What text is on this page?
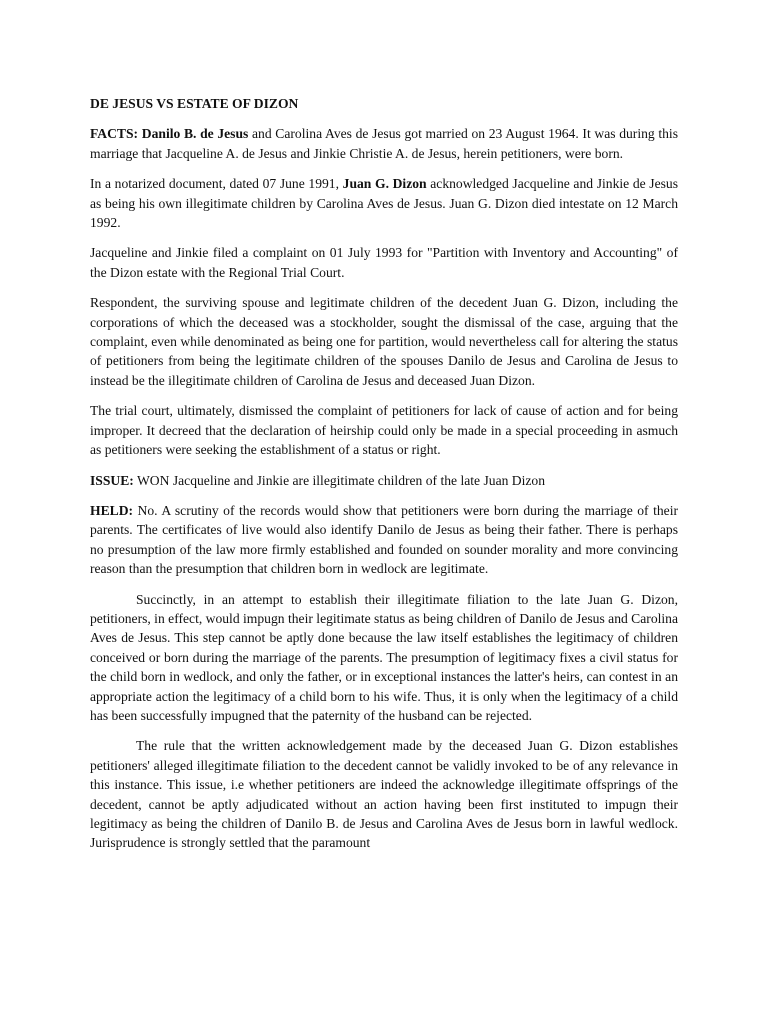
DE JESUS VS ESTATE OF DIZON

FACTS: Danilo B. de Jesus and Carolina Aves de Jesus got married on 23 August 1964. It was during this marriage that Jacqueline A. de Jesus and Jinkie Christie A. de Jesus, herein petitioners, were born.

In a notarized document, dated 07 June 1991, Juan G. Dizon acknowledged Jacqueline and Jinkie de Jesus as being his own illegitimate children by Carolina Aves de Jesus. Juan G. Dizon died intestate on 12 March 1992.

Jacqueline and Jinkie filed a complaint on 01 July 1993 for "Partition with Inventory and Accounting" of the Dizon estate with the Regional Trial Court.

Respondent, the surviving spouse and legitimate children of the decedent Juan G. Dizon, including the corporations of which the deceased was a stockholder, sought the dismissal of the case, arguing that the complaint, even while denominated as being one for partition, would nevertheless call for altering the status of petitioners from being the legitimate children of the spouses Danilo de Jesus and Carolina de Jesus to instead be the illegitimate children of Carolina de Jesus and deceased Juan Dizon.

The trial court, ultimately, dismissed the complaint of petitioners for lack of cause of action and for being improper. It decreed that the declaration of heirship could only be made in a special proceeding in asmuch as petitioners were seeking the establishment of a status or right.

ISSUE: WON Jacqueline and Jinkie are illegitimate children of the late Juan Dizon

HELD: No. A scrutiny of the records would show that petitioners were born during the marriage of their parents. The certificates of live would also identify Danilo de Jesus as being their father. There is perhaps no presumption of the law more firmly established and founded on sounder morality and more convincing reason than the presumption that children born in wedlock are legitimate.

Succinctly, in an attempt to establish their illegitimate filiation to the late Juan G. Dizon, petitioners, in effect, would impugn their legitimate status as being children of Danilo de Jesus and Carolina Aves de Jesus. This step cannot be aptly done because the law itself establishes the legitimacy of children conceived or born during the marriage of the parents. The presumption of legitimacy fixes a civil status for the child born in wedlock, and only the father, or in exceptional instances the latter's heirs, can contest in an appropriate action the legitimacy of a child born to his wife. Thus, it is only when the legitimacy of a child has been successfully impugned that the paternity of the husband can be rejected.

The rule that the written acknowledgement made by the deceased Juan G. Dizon establishes petitioners' alleged illegitimate filiation to the decedent cannot be validly invoked to be of any relevance in this instance. This issue, i.e whether petitioners are indeed the acknowledge illegitimate offsprings of the decedent, cannot be aptly adjudicated without an action having been first instituted to impugn their legitimacy as being the children of Danilo B. de Jesus and Carolina Aves de Jesus born in lawful wedlock. Jurisprudence is strongly settled that the paramount
